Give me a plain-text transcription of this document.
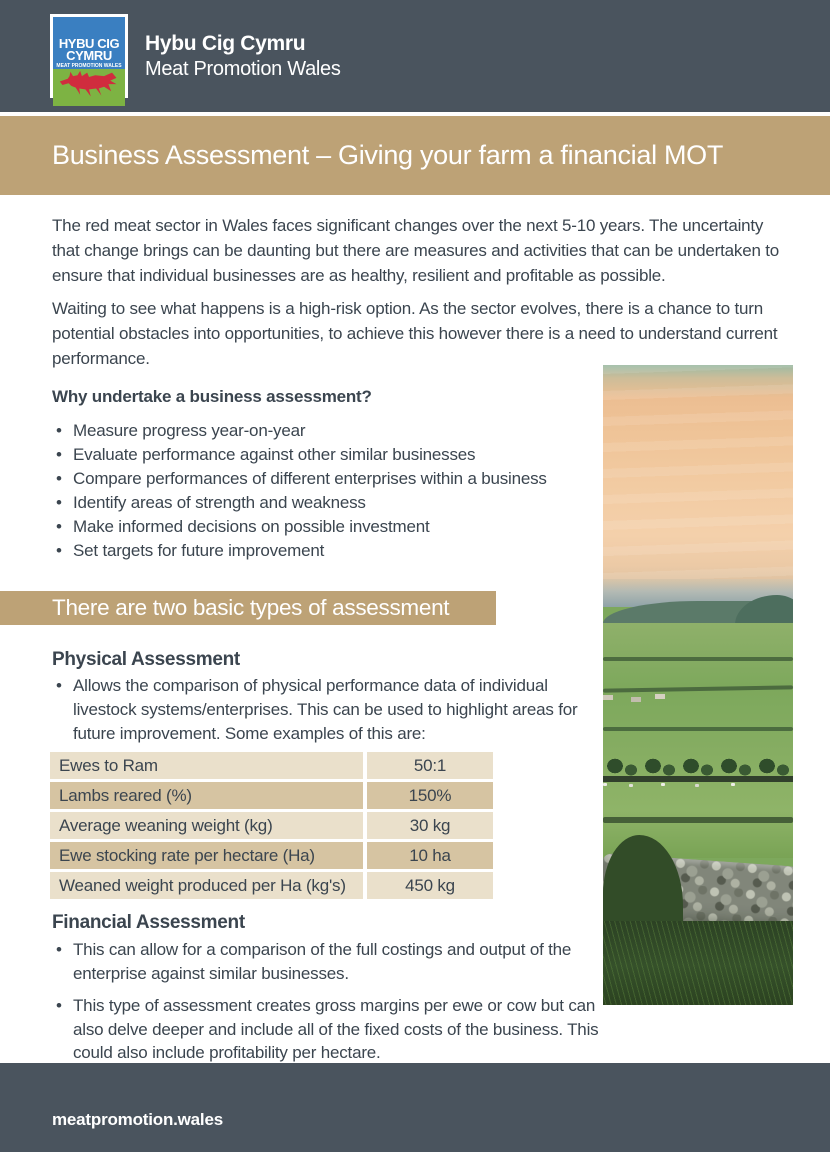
HYBU CIG
CYMRU
MEAT PROMOTION WALES
Hybu Cig Cymru
Meat Promotion Wales
Business Assessment – Giving your farm a financial MOT

The red meat sector in Wales faces significant changes over the next 5-10 years. The uncertainty that change brings can be daunting but there are measures and activities that can be undertaken to ensure that individual businesses are as healthy, resilient and profitable as possible.

Waiting to see what happens is a high-risk option. As the sector evolves, there is a chance to turn potential obstacles into opportunities, to achieve this however there is a need to understand current performance.

Why undertake a business assessment?
• Measure progress year-on-year
• Evaluate performance against other similar businesses
• Compare performances of different enterprises within a business
• Identify areas of strength and weakness
• Make informed decisions on possible investment
• Set targets for future improvement
There are two basic types of assessment
Physical Assessment
• Allows the comparison of physical performance data of individual livestock systems/enterprises. This can be used to highlight areas for future improvement. Some examples of this are:
Ewes to Ram	50:1
Lambs reared (%)	150%
Average weaning weight (kg)	30 kg
Ewe stocking rate per hectare (Ha)	10 ha
Weaned weight produced per Ha (kg's)	450 kg
Financial Assessment
• This can allow for a comparison of the full costings and output of the enterprise against similar businesses.
• This type of assessment creates gross margins per ewe or cow but can also delve deeper and include all of the fixed costs of the business. This could also include profitability per hectare.
meatpromotion.wales
